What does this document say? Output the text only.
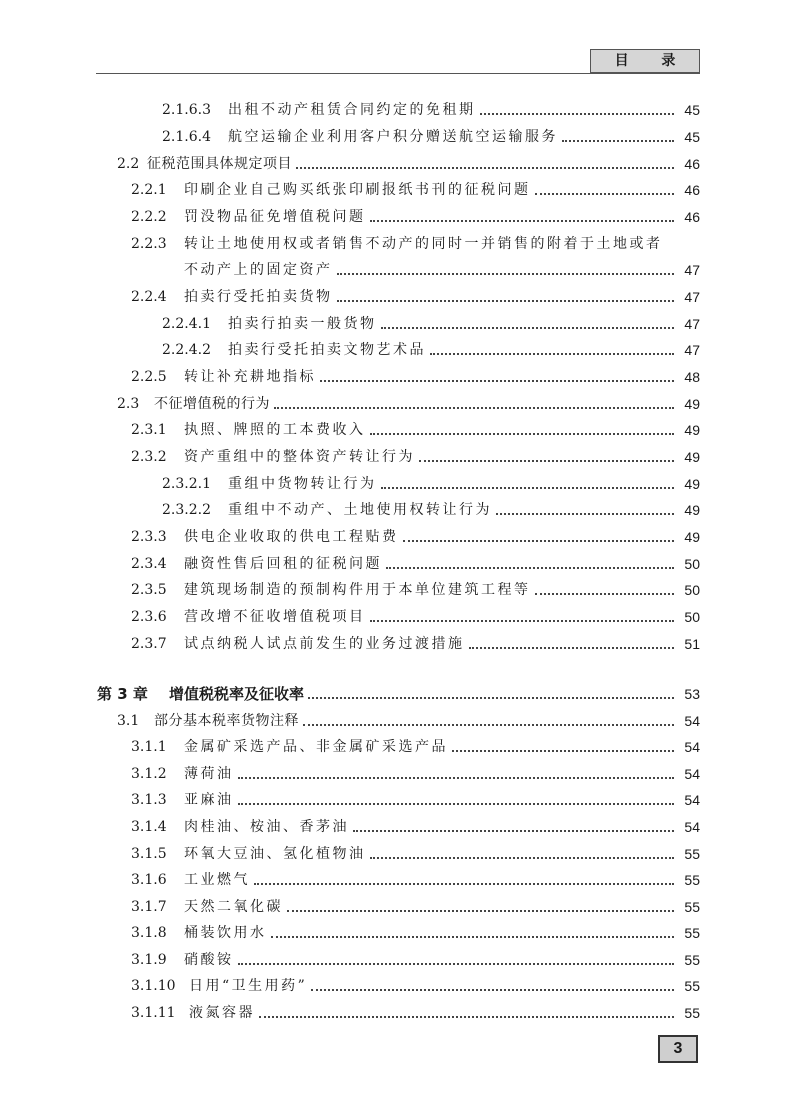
目 录
2.1.6.3	出租不动产租赁合同约定的免租期	45
2.1.6.4	航空运输企业利用客户积分赠送航空运输服务	45
2.2 征税范围具体规定项目	46
2.2.1	印刷企业自己购买纸张印刷报纸书刊的征税问题	46
2.2.2	罚没物品征免增值税问题	46
2.2.3	转让土地使用权或者销售不动产的同时一并销售的附着于土地或者
不动产上的固定资产	47
2.2.4	拍卖行受托拍卖货物	47
2.2.4.1	拍卖行拍卖一般货物	47
2.2.4.2	拍卖行受托拍卖文物艺术品	47
2.2.5	转让补充耕地指标	48
2.3	不征增值税的行为	49
2.3.1	执照、牌照的工本费收入	49
2.3.2	资产重组中的整体资产转让行为	49
2.3.2.1	重组中货物转让行为	49
2.3.2.2	重组中不动产、土地使用权转让行为	49
2.3.3	供电企业收取的供电工程贴费	49
2.3.4	融资性售后回租的征税问题	50
2.3.5	建筑现场制造的预制构件用于本单位建筑工程等	50
2.3.6	营改增不征收增值税项目	50
2.3.7	试点纳税人试点前发生的业务过渡措施	51
第 3 章	增值税税率及征收率	53
3.1	部分基本税率货物注释	54
3.1.1	金属矿采选产品、非金属矿采选产品	54
3.1.2	薄荷油	54
3.1.3	亚麻油	54
3.1.4	肉桂油、桉油、香茅油	54
3.1.5	环氧大豆油、氢化植物油	55
3.1.6	工业燃气	55
3.1.7	天然二氧化碳	55
3.1.8	桶装饮用水	55
3.1.9	硝酸铵	55
3.1.10 日用“卫生用药”	55
3.1.11 液氮容器	55
3
